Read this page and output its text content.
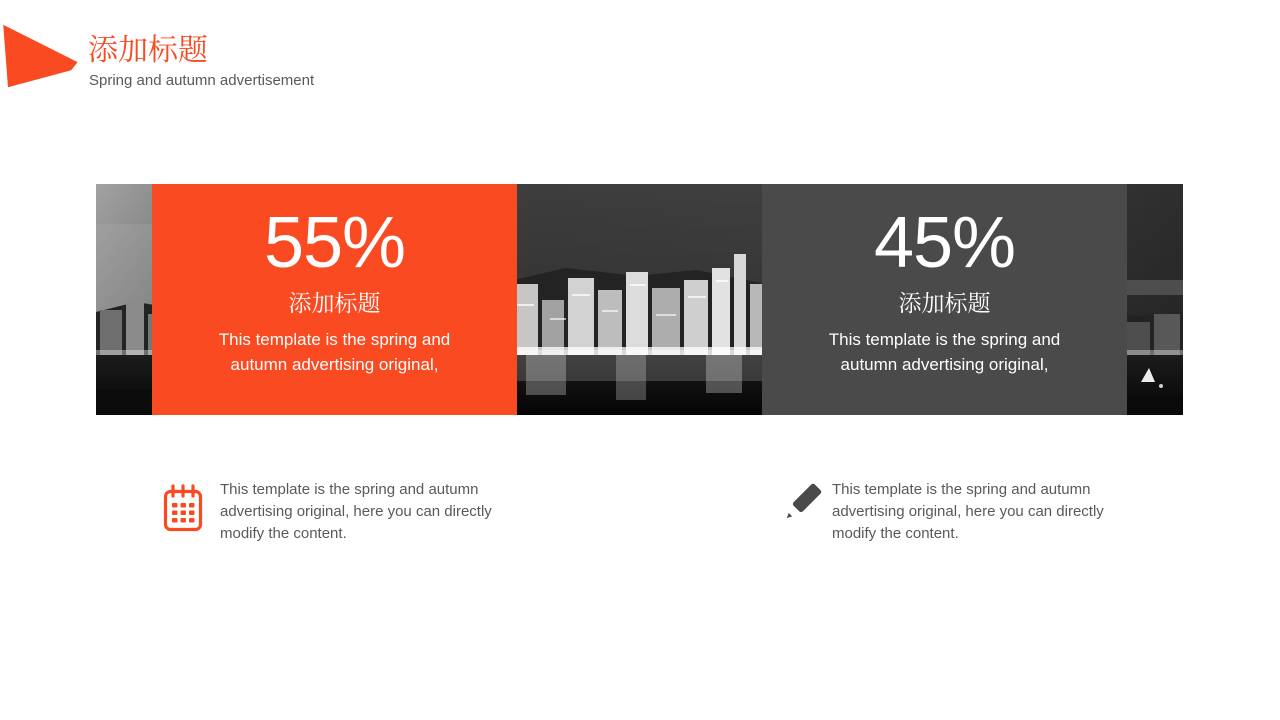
添加标题
Spring and autumn advertisement
55%
添加标题
This template is the spring and autumn advertising original,
45%
添加标题
This template is the spring and autumn advertising original,
This template is the spring and autumn advertising original, here you can directly modify the content.
This template is the spring and autumn advertising original, here you can directly modify the content.
